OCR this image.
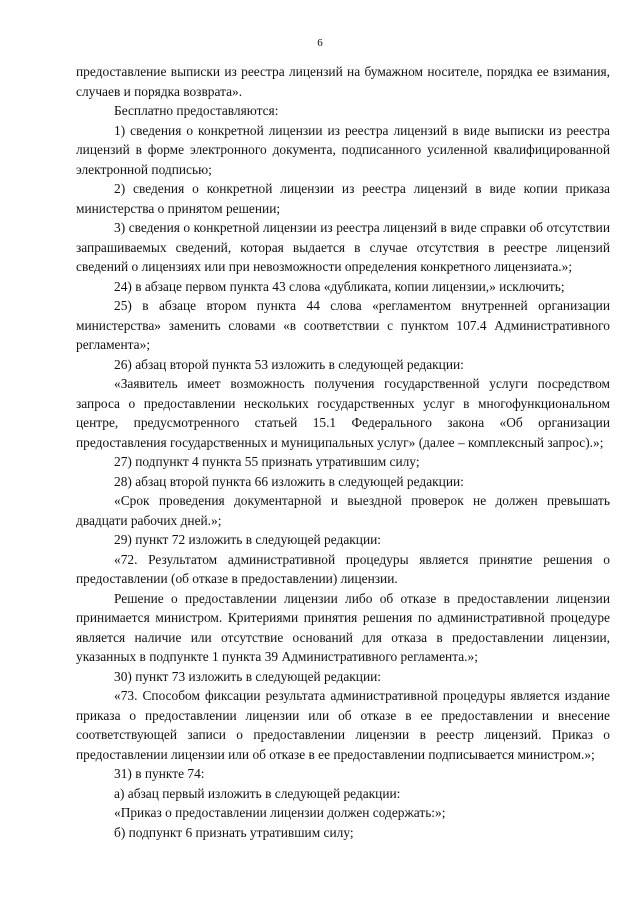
6

предоставление выписки из реестра лицензий на бумажном носителе, порядка ее взимания, случаев и порядка возврата».

Бесплатно предоставляются:

1) сведения о конкретной лицензии из реестра лицензий в виде выписки из реестра лицензий в форме электронного документа, подписанного усиленной квалифицированной электронной подписью;

2) сведения о конкретной лицензии из реестра лицензий в виде копии приказа министерства о принятом решении;

3) сведения о конкретной лицензии из реестра лицензий в виде справки об отсутствии запрашиваемых сведений, которая выдается в случае отсутствия в реестре лицензий сведений о лицензиях или при невозможности определения конкретного лицензиата.»;

24) в абзаце первом пункта 43 слова «дубликата, копии лицензии,» исключить;

25) в абзаце втором пункта 44 слова «регламентом внутренней организации министерства» заменить словами «в соответствии с пунктом 107.4 Административного регламента»;

26) абзац второй пункта 53 изложить в следующей редакции:

«Заявитель имеет возможность получения государственной услуги посредством запроса о предоставлении нескольких государственных услуг в многофункциональном центре, предусмотренного статьей 15.1 Федерального закона «Об организации предоставления государственных и муниципальных услуг» (далее – комплексный запрос).»;

27) подпункт 4 пункта 55 признать утратившим силу;

28) абзац второй пункта 66 изложить в следующей редакции:

«Срок проведения документарной и выездной проверок не должен превышать двадцати рабочих дней.»;

29) пункт 72 изложить в следующей редакции:

«72. Результатом административной процедуры является принятие решения о предоставлении (об отказе в предоставлении) лицензии.

Решение о предоставлении лицензии либо об отказе в предоставлении лицензии принимается министром. Критериями принятия решения по административной процедуре является наличие или отсутствие оснований для отказа в предоставлении лицензии, указанных в подпункте 1 пункта 39 Административного регламента.»;

30) пункт 73 изложить в следующей редакции:

«73. Способом фиксации результата административной процедуры является издание приказа о предоставлении лицензии или об отказе в ее предоставлении и внесение соответствующей записи о предоставлении лицензии в реестр лицензий. Приказ о предоставлении лицензии или об отказе в ее предоставлении подписывается министром.»;

31) в пункте 74:

а) абзац первый изложить в следующей редакции:

«Приказ о предоставлении лицензии должен содержать:»;

б) подпункт 6 признать утратившим силу;
